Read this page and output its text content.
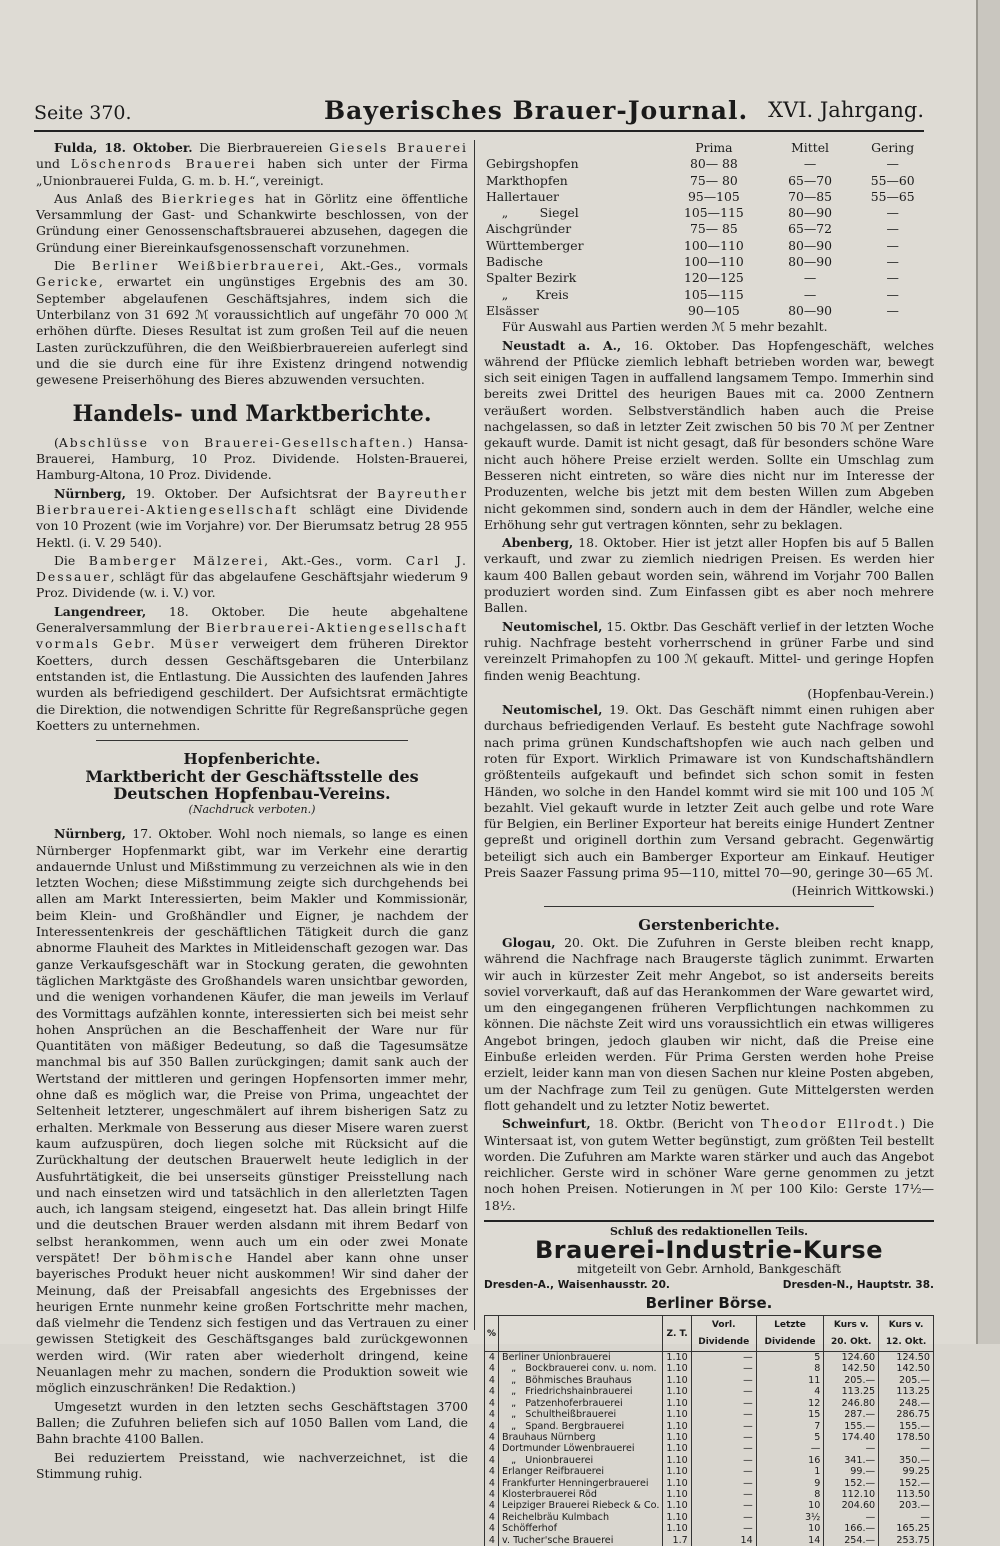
Seite 370.	Bayerisches Brauer-Journal. XVI. Jahrgang.

Fulda, 18. Oktober. Die Bierbrauereien Giesels Brauerei und Löschenrods Brauerei haben sich unter der Firma „Unionbrauerei Fulda, G. m. b. H.“, vereinigt.

Aus Anlaß des Bierkrieges hat in Görlitz eine öffentliche Versammlung der Gast- und Schankwirte beschlossen, von der Gründung einer Genossenschaftsbrauerei abzusehen, dagegen die Gründung einer Biereinkaufsgenossenschaft vorzunehmen.

Die Berliner Weißbierbrauerei, Akt.-Ges., vormals Gericke, erwartet ein ungünstiges Ergebnis des am 30. September abgelaufenen Geschäftsjahres, indem sich die Unterbilanz von 31 692 ℳ voraussichtlich auf ungefähr 70 000 ℳ erhöhen dürfte. Dieses Resultat ist zum großen Teil auf die neuen Lasten zurückzuführen, die den Weißbierbrauereien auferlegt sind und die sie durch eine für ihre Existenz dringend notwendig gewesene Preiserhöhung des Bieres abzuwenden versuchten.

Handels- und Marktberichte.

(Abschlüsse von Brauerei-Gesellschaften.) Hansa-Brauerei, Hamburg, 10 Proz. Dividende. Holsten-Brauerei, Hamburg-Altona, 10 Proz. Dividende.

Nürnberg, 19. Oktober. Der Aufsichtsrat der Bayreuther Bierbrauerei-Aktiengesellschaft schlägt eine Dividende von 10 Prozent (wie im Vorjahre) vor. Der Bierumsatz betrug 28 955 Hektl. (i. V. 29 540).

Die Bamberger Mälzerei, Akt.-Ges., vorm. Carl J. Dessauer, schlägt für das abgelaufene Geschäftsjahr wiederum 9 Proz. Dividende (w. i. V.) vor.

Langendreer, 18. Oktober. Die heute abgehaltene Generalversammlung der Bierbrauerei-Aktiengesellschaft vormals Gebr. Müser verweigert dem früheren Direktor Koetters, durch dessen Geschäftsgebaren die Unterbilanz entstanden ist, die Entlastung. Die Aussichten des laufenden Jahres wurden als befriedigend geschildert. Der Aufsichtsrat ermächtigte die Direktion, die notwendigen Schritte für Regreßansprüche gegen Koetters zu unternehmen.

Hopfenberichte.
Marktbericht der Geschäftsstelle des Deutschen Hopfenbau-Vereins.
(Nachdruck verboten.)

Nürnberg, 17. Oktober. Wohl noch niemals, so lange es einen Nürnberger Hopfenmarkt gibt, war im Verkehr eine derartig andauernde Unlust und Mißstimmung zu verzeichnen als wie in den letzten Wochen; diese Mißstimmung zeigte sich durchgehends bei allen am Markt Interessierten, beim Makler und Kommissionär, beim Klein- und Großhändler und Eigner, je nachdem der Interessentenkreis der geschäftlichen Tätigkeit durch die ganz abnorme Flauheit des Marktes in Mitleidenschaft gezogen war. Das ganze Verkaufsgeschäft war in Stockung geraten, die gewohnten täglichen Marktgäste des Großhandels waren unsichtbar geworden, und die wenigen vorhandenen Käufer, die man jeweils im Verlauf des Vormittags aufzählen konnte, interessierten sich bei meist sehr hohen Ansprüchen an die Beschaffenheit der Ware nur für Quantitäten von mäßiger Bedeutung, so daß die Tagesumsätze manchmal bis auf 350 Ballen zurückgingen; damit sank auch der Wertstand der mittleren und geringen Hopfensorten immer mehr, ohne daß es möglich war, die Preise von Prima, ungeachtet der Seltenheit letzterer, ungeschmälert auf ihrem bisherigen Satz zu erhalten. Merkmale von Besserung aus dieser Misere waren zuerst kaum aufzuspüren, doch liegen solche mit Rücksicht auf die Zurückhaltung der deutschen Brauerwelt heute lediglich in der Ausfuhrtätigkeit, die bei unserseits günstiger Preisstellung nach und nach einsetzen wird und tatsächlich in den allerletzten Tagen auch, ich langsam steigend, eingesetzt hat. Das allein bringt Hilfe und die deutschen Brauer werden alsdann mit ihrem Bedarf von selbst herankommen, wenn auch um ein oder zwei Monate verspätet! Der böhmische Handel aber kann ohne unser bayerisches Produkt heuer nicht auskommen! Wir sind daher der Meinung, daß der Preisabfall angesichts des Ergebnisses der heurigen Ernte nunmehr keine großen Fortschritte mehr machen, daß vielmehr die Tendenz sich festigen und das Vertrauen zu einer gewissen Stetigkeit des Geschäftsganges bald zurückgewonnen werden wird. (Wir raten aber wiederholt dringend, keine Neuanlagen mehr zu machen, sondern die Produktion soweit wie möglich einzuschränken! Die Redaktion.)

Umgesetzt wurden in den letzten sechs Geschäftstagen 3700 Ballen; die Zufuhren beliefen sich auf 1050 Ballen vom Land, die Bahn brachte 4100 Ballen.

Bei reduziertem Preisstand, wie nachverzeichnet, ist die Stimmung ruhig.

	Prima	Mittel	Gering
Gebirgshopfen	80— 88	—	—
Markthopfen	75— 80	65—70	55—60
Hallertauer	95—105	70—85	55—65
„        Siegel	105—115	80—90	—
Aischgründer	75— 85	65—72	—
Württemberger	100—110	80—90	—
Badische	100—110	80—90	—
Spalter Bezirk	120—125	—	—
„       Kreis	105—115	—	—
Elsässer	90—105	80—90	—

Für Auswahl aus Partien werden ℳ 5 mehr bezahlt.

Neustadt a. A., 16. Oktober. Das Hopfengeschäft, welches während der Pflücke ziemlich lebhaft betrieben worden war, bewegt sich seit einigen Tagen in auffallend langsamem Tempo. Immerhin sind bereits zwei Drittel des heurigen Baues mit ca. 2000 Zentnern veräußert worden. Selbstverständlich haben auch die Preise nachgelassen, so daß in letzter Zeit zwischen 50 bis 70 ℳ per Zentner gekauft wurde. Damit ist nicht gesagt, daß für besonders schöne Ware nicht auch höhere Preise erzielt werden. Sollte ein Umschlag zum Besseren nicht eintreten, so wäre dies nicht nur im Interesse der Produzenten, welche bis jetzt mit dem besten Willen zum Abgeben nicht gekommen sind, sondern auch in dem der Händler, welche eine Erhöhung sehr gut vertragen könnten, sehr zu beklagen.

Abenberg, 18. Oktober. Hier ist jetzt aller Hopfen bis auf 5 Ballen verkauft, und zwar zu ziemlich niedrigen Preisen. Es werden hier kaum 400 Ballen gebaut worden sein, während im Vorjahr 700 Ballen produziert worden sind. Zum Einfassen gibt es aber noch mehrere Ballen.

Neutomischel, 15. Oktbr. Das Geschäft verlief in der letzten Woche ruhig. Nachfrage besteht vorherrschend in grüner Farbe und sind vereinzelt Primahopfen zu 100 ℳ gekauft. Mittel- und geringe Hopfen finden wenig Beachtung.

(Hopfenbau-Verein.)

Neutomischel, 19. Okt. Das Geschäft nimmt einen ruhigen aber durchaus befriedigenden Verlauf. Es besteht gute Nachfrage sowohl nach prima grünen Kundschaftshopfen wie auch nach gelben und roten für Export. Wirklich Primaware ist von Kundschaftshändlern größtenteils aufgekauft und befindet sich schon somit in festen Händen, wo solche in den Handel kommt wird sie mit 100 und 105 ℳ bezahlt. Viel gekauft wurde in letzter Zeit auch gelbe und rote Ware für Belgien, ein Berliner Exporteur hat bereits einige Hundert Zentner gepreßt und originell dorthin zum Versand gebracht. Gegenwärtig beteiligt sich auch ein Bamberger Exporteur am Einkauf. Heutiger Preis Saazer Fassung prima 95—110, mittel 70—90, geringe 30—65 ℳ.

(Heinrich Wittkowski.)
Gerstenberichte.

Glogau, 20. Okt. Die Zufuhren in Gerste bleiben recht knapp, während die Nachfrage nach Braugerste täglich zunimmt. Erwarten wir auch in kürzester Zeit mehr Angebot, so ist anderseits bereits soviel vorverkauft, daß auf das Herankommen der Ware gewartet wird, um den eingegangenen früheren Verpflichtungen nachkommen zu können. Die nächste Zeit wird uns voraussichtlich ein etwas willigeres Angebot bringen, jedoch glauben wir nicht, daß die Preise eine Einbuße erleiden werden. Für Prima Gersten werden hohe Preise erzielt, leider kann man von diesen Sachen nur kleine Posten abgeben, um der Nachfrage zum Teil zu genügen. Gute Mittelgersten werden flott gehandelt und zu letzter Notiz bewertet.

Schweinfurt, 18. Oktbr. (Bericht von Theodor Ellrodt.) Die Wintersaat ist, von gutem Wetter begünstigt, zum größten Teil bestellt worden. Die Zufuhren am Markte waren stärker und auch das Angebot reichlicher. Gerste wird in schöner Ware gerne genommen zu jetzt noch hohen Preisen. Notierungen in ℳ per 100 Kilo: Gerste 17½—18½.

Schluß des redaktionellen Teils.
Brauerei-Industrie-Kurse
mitgeteilt von Gebr. Arnhold, Bankgeschäft
Dresden-A., Waisenhausstr. 20.	Dresden-N., Hauptstr. 38.
Berliner Börse.
%		Z. T.	Vorl. Dividende	Letzte Dividende	Kurs v. 20. Okt.	Kurs v. 12. Okt.
4	Berliner Unionbrauerei	1.10	—	5	124.60	124.50
4	„   Bockbrauerei conv. u. nom.	1.10	—	8	142.50	142.50
4	„   Böhmisches Brauhaus	1.10	—	11	205.—	205.—
4	„   Friedrichshainbrauerei	1.10	—	4	113.25	113.25
4	„   Patzenhoferbrauerei	1.10	—	12	246.80	248.—
4	„   Schultheißbrauerei	1.10	—	15	287.—	286.75
4	„   Spand. Bergbrauerei	1.10	—	7	155.—	155.—
4	Brauhaus Nürnberg	1.10	—	5	174.40	178.50
4	Dortmunder Löwenbrauerei	1.10	—	—	—	—
4	„   Unionbrauerei	1.10	—	16	341.—	350.—
4	Erlanger Reifbrauerei	1.10	—	1	99.—	99.25
4	Frankfurter Henningerbrauerei	1.10	—	9	152.—	152.—
4	Klosterbrauerei Röd	1.10	—	8	112.10	113.50
4	Leipziger Brauerei Riebeck & Co.	1.10	—	10	204.60	203.—
4	Reichelbräu Kulmbach	1.10	—	3½	—	—
4	Schöfferhof	1.10	—	10	166.—	165.25
4	v. Tucher'sche Brauerei	1.7	14	14	254.—	253.75
